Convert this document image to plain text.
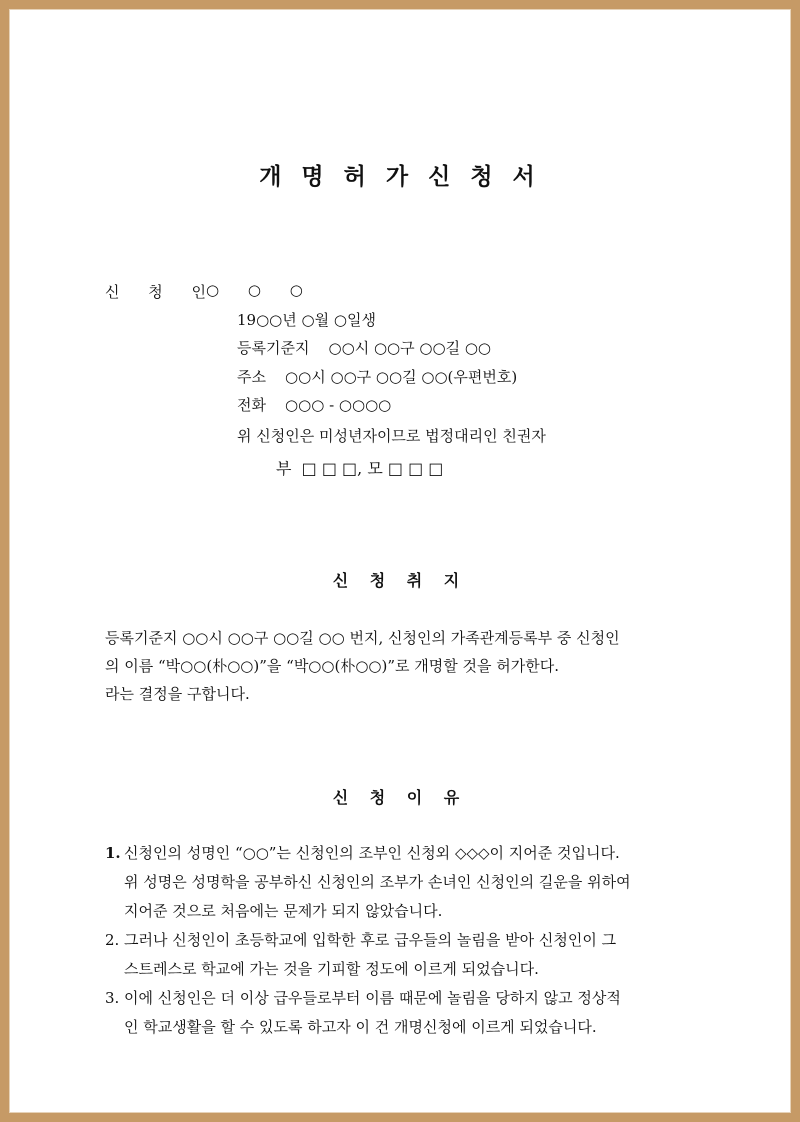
개 명 허 가 신 청 서
신 청 인
○ ○ ○
19○○년 ○월 ○일생
등록기준지    ○○시 ○○구 ○○길 ○○
주소    ○○시 ○○구 ○○길 ○○(우편번호)
전화    ○○○ - ○○○○
위 신청인은 미성년자이므로 법정대리인 친권자
부  □ □ □, 모 □ □ □
신 청 취 지
등록기준지 ○○시 ○○구 ○○길 ○○ 번지, 신청인의 가족관계등록부 중 신청인
의 이름 “박○○(朴○○)”을 “박○○(朴○○)”로 개명할 것을 허가한다.
라는 결정을 구합니다.
신 청 이 유
1. 신청인의 성명인 “○○”는 신청인의 조부인 신청외 ◇◇◇이 지어준 것입니다.
위 성명은 성명학을 공부하신 신청인의 조부가 손녀인 신청인의 길운을 위하여
지어준 것으로 처음에는 문제가 되지 않았습니다.
2. 그러나 신청인이 초등학교에 입학한 후로 급우들의 놀림을 받아 신청인이 그
스트레스로 학교에 가는 것을 기피할 정도에 이르게 되었습니다.
3. 이에 신청인은 더 이상 급우들로부터 이름 때문에 놀림을 당하지 않고 정상적
인 학교생활을 할 수 있도록 하고자 이 건 개명신청에 이르게 되었습니다.
